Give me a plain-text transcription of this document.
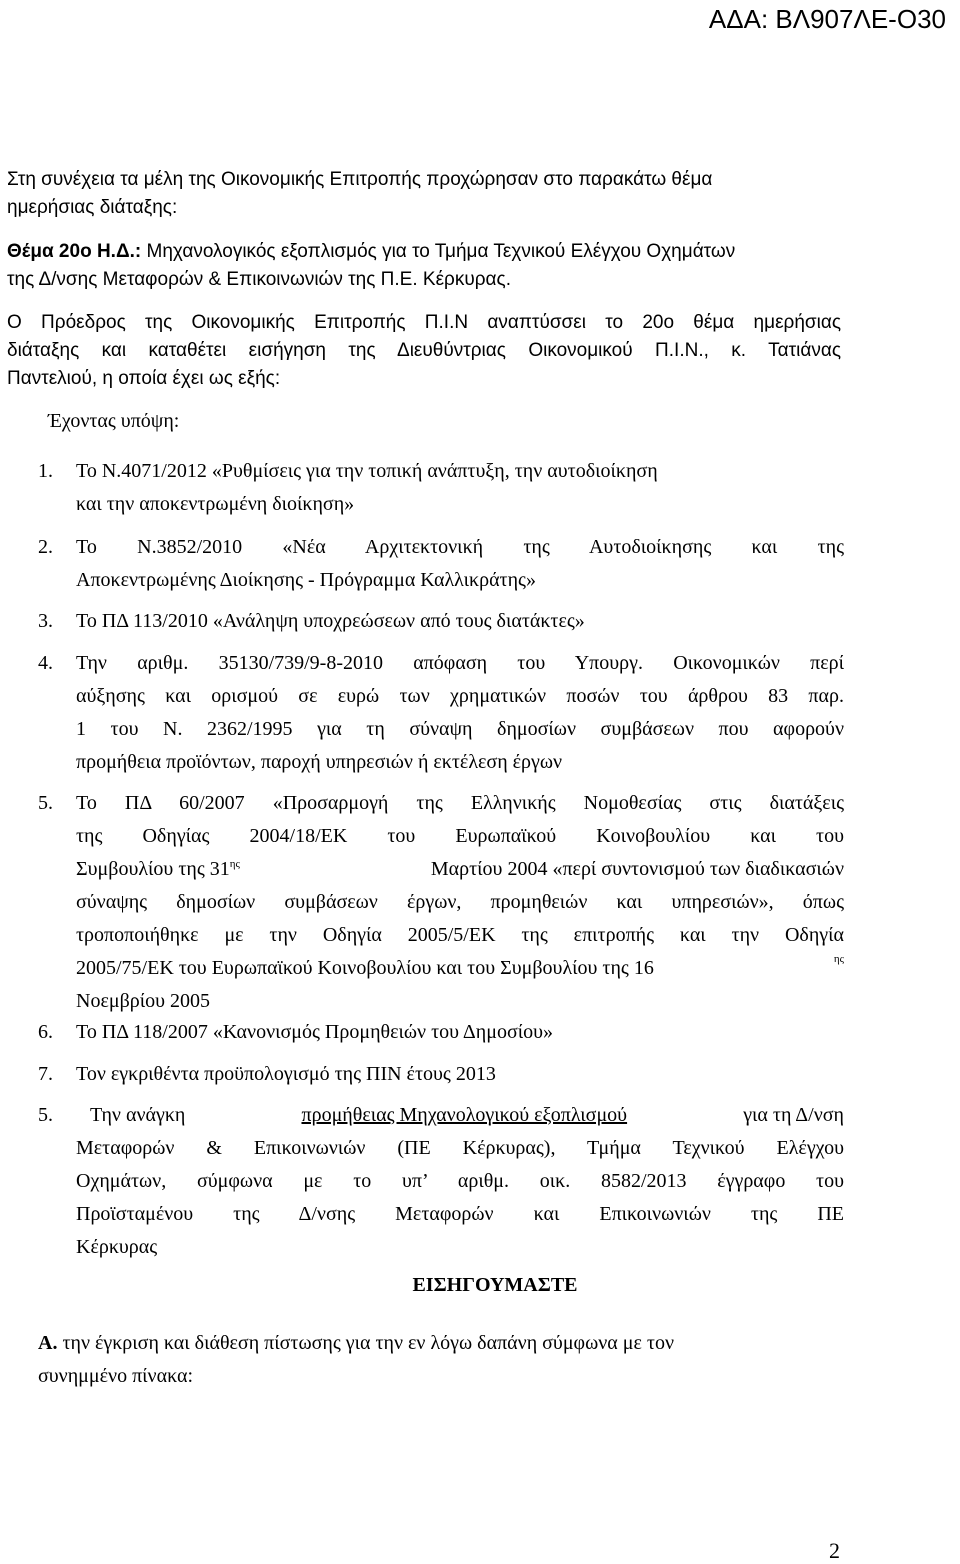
ΑΔΑ: ΒΛ907ΛΕ-Ο30
Στη συνέχεια τα μέλη της Οικονομικής Επιτροπής προχώρησαν στο παρακάτω θέμα
ημερήσιας διάταξης:
Θέμα 20ο Η.Δ.: Μηχανολογικός εξοπλισμός για το Τμήμα Τεχνικού Ελέγχου Οχημάτων
της Δ/νσης Μεταφορών & Επικοινωνιών της Π.Ε. Κέρκυρας.
Ο Πρόεδρος της Οικονομικής Επιτροπής Π.Ι.Ν αναπτύσσει το 20ο θέμα ημερήσιας
διάταξης και καταθέτει εισήγηση της Διευθύντριας Οικονομικού Π.Ι.Ν., κ. Τατιάνας
Παντελιού, η οποία έχει ως εξής:
Έχοντας υπόψη:
1. Το Ν.4071/2012 «Ρυθμίσεις για την τοπική ανάπτυξη, την αυτοδιοίκηση
και την αποκεντρωμένη διοίκηση»
2. Το Ν.3852/2010 «Νέα Αρχιτεκτονική της Αυτοδιοίκησης και της
Αποκεντρωμένης Διοίκησης - Πρόγραμμα Καλλικράτης»
3. Το ΠΔ 113/2010 «Ανάληψη υποχρεώσεων από τους διατάκτες»
4. Την αριθμ. 35130/739/9-8-2010 απόφαση του Υπουργ. Οικονομικών περί
αύξησης και ορισμού σε ευρώ των χρηματικών ποσών του άρθρου 83 παρ.
1 του Ν. 2362/1995 για τη σύναψη δημοσίων συμβάσεων που αφορούν
προμήθεια προϊόντων, παροχή υπηρεσιών ή εκτέλεση έργων
5. Το ΠΔ 60/2007 «Προσαρμογή της Ελληνικής Νομοθεσίας στις διατάξεις
της Οδηγίας 2004/18/ΕΚ του Ευρωπαϊκού Κοινοβουλίου και του
Συμβουλίου της $31^{\eta\varsigma}$	Μαρτίου 2004 «περί συντονισμού των διαδικασιών
σύναψης δημοσίων συμβάσεων έργων, προμηθειών και υπηρεσιών», όπως
τροποποιήθηκε με την Οδηγία 2005/5/ΕΚ της επιτροπής και την Οδηγία
2005/75/ΕΚ του Ευρωπαϊκού Κοινοβουλίου και του Συμβουλίου της 16	$^{\eta\varsigma}$
Νοεμβρίου 2005
6. Το ΠΔ 118/2007 «Κανονισμός Προμηθειών του Δημοσίου»
7. Τον εγκριθέντα προϋπολογισμό της ΠΙΝ έτους 2013
5. Την ανάγκη	προμήθειας Μηχανολογικού εξοπλισμού	για τη Δ/νση
Μεταφορών & Επικοινωνιών (ΠΕ Κέρκυρας), Τμήμα Τεχνικού Ελέγχου
Οχημάτων, σύμφωνα με το υπ’ αριθμ. οικ. 8582/2013 έγγραφο του
Προϊσταμένου της Δ/νσης Μεταφορών και Επικοινωνιών της ΠΕ
Κέρκυρας
ΕΙΣΗΓΟΥΜΑΣΤΕ
Α. την έγκριση και διάθεση πίστωσης για την εν λόγω δαπάνη σύμφωνα με τον
συνημμένο πίνακα:
2
